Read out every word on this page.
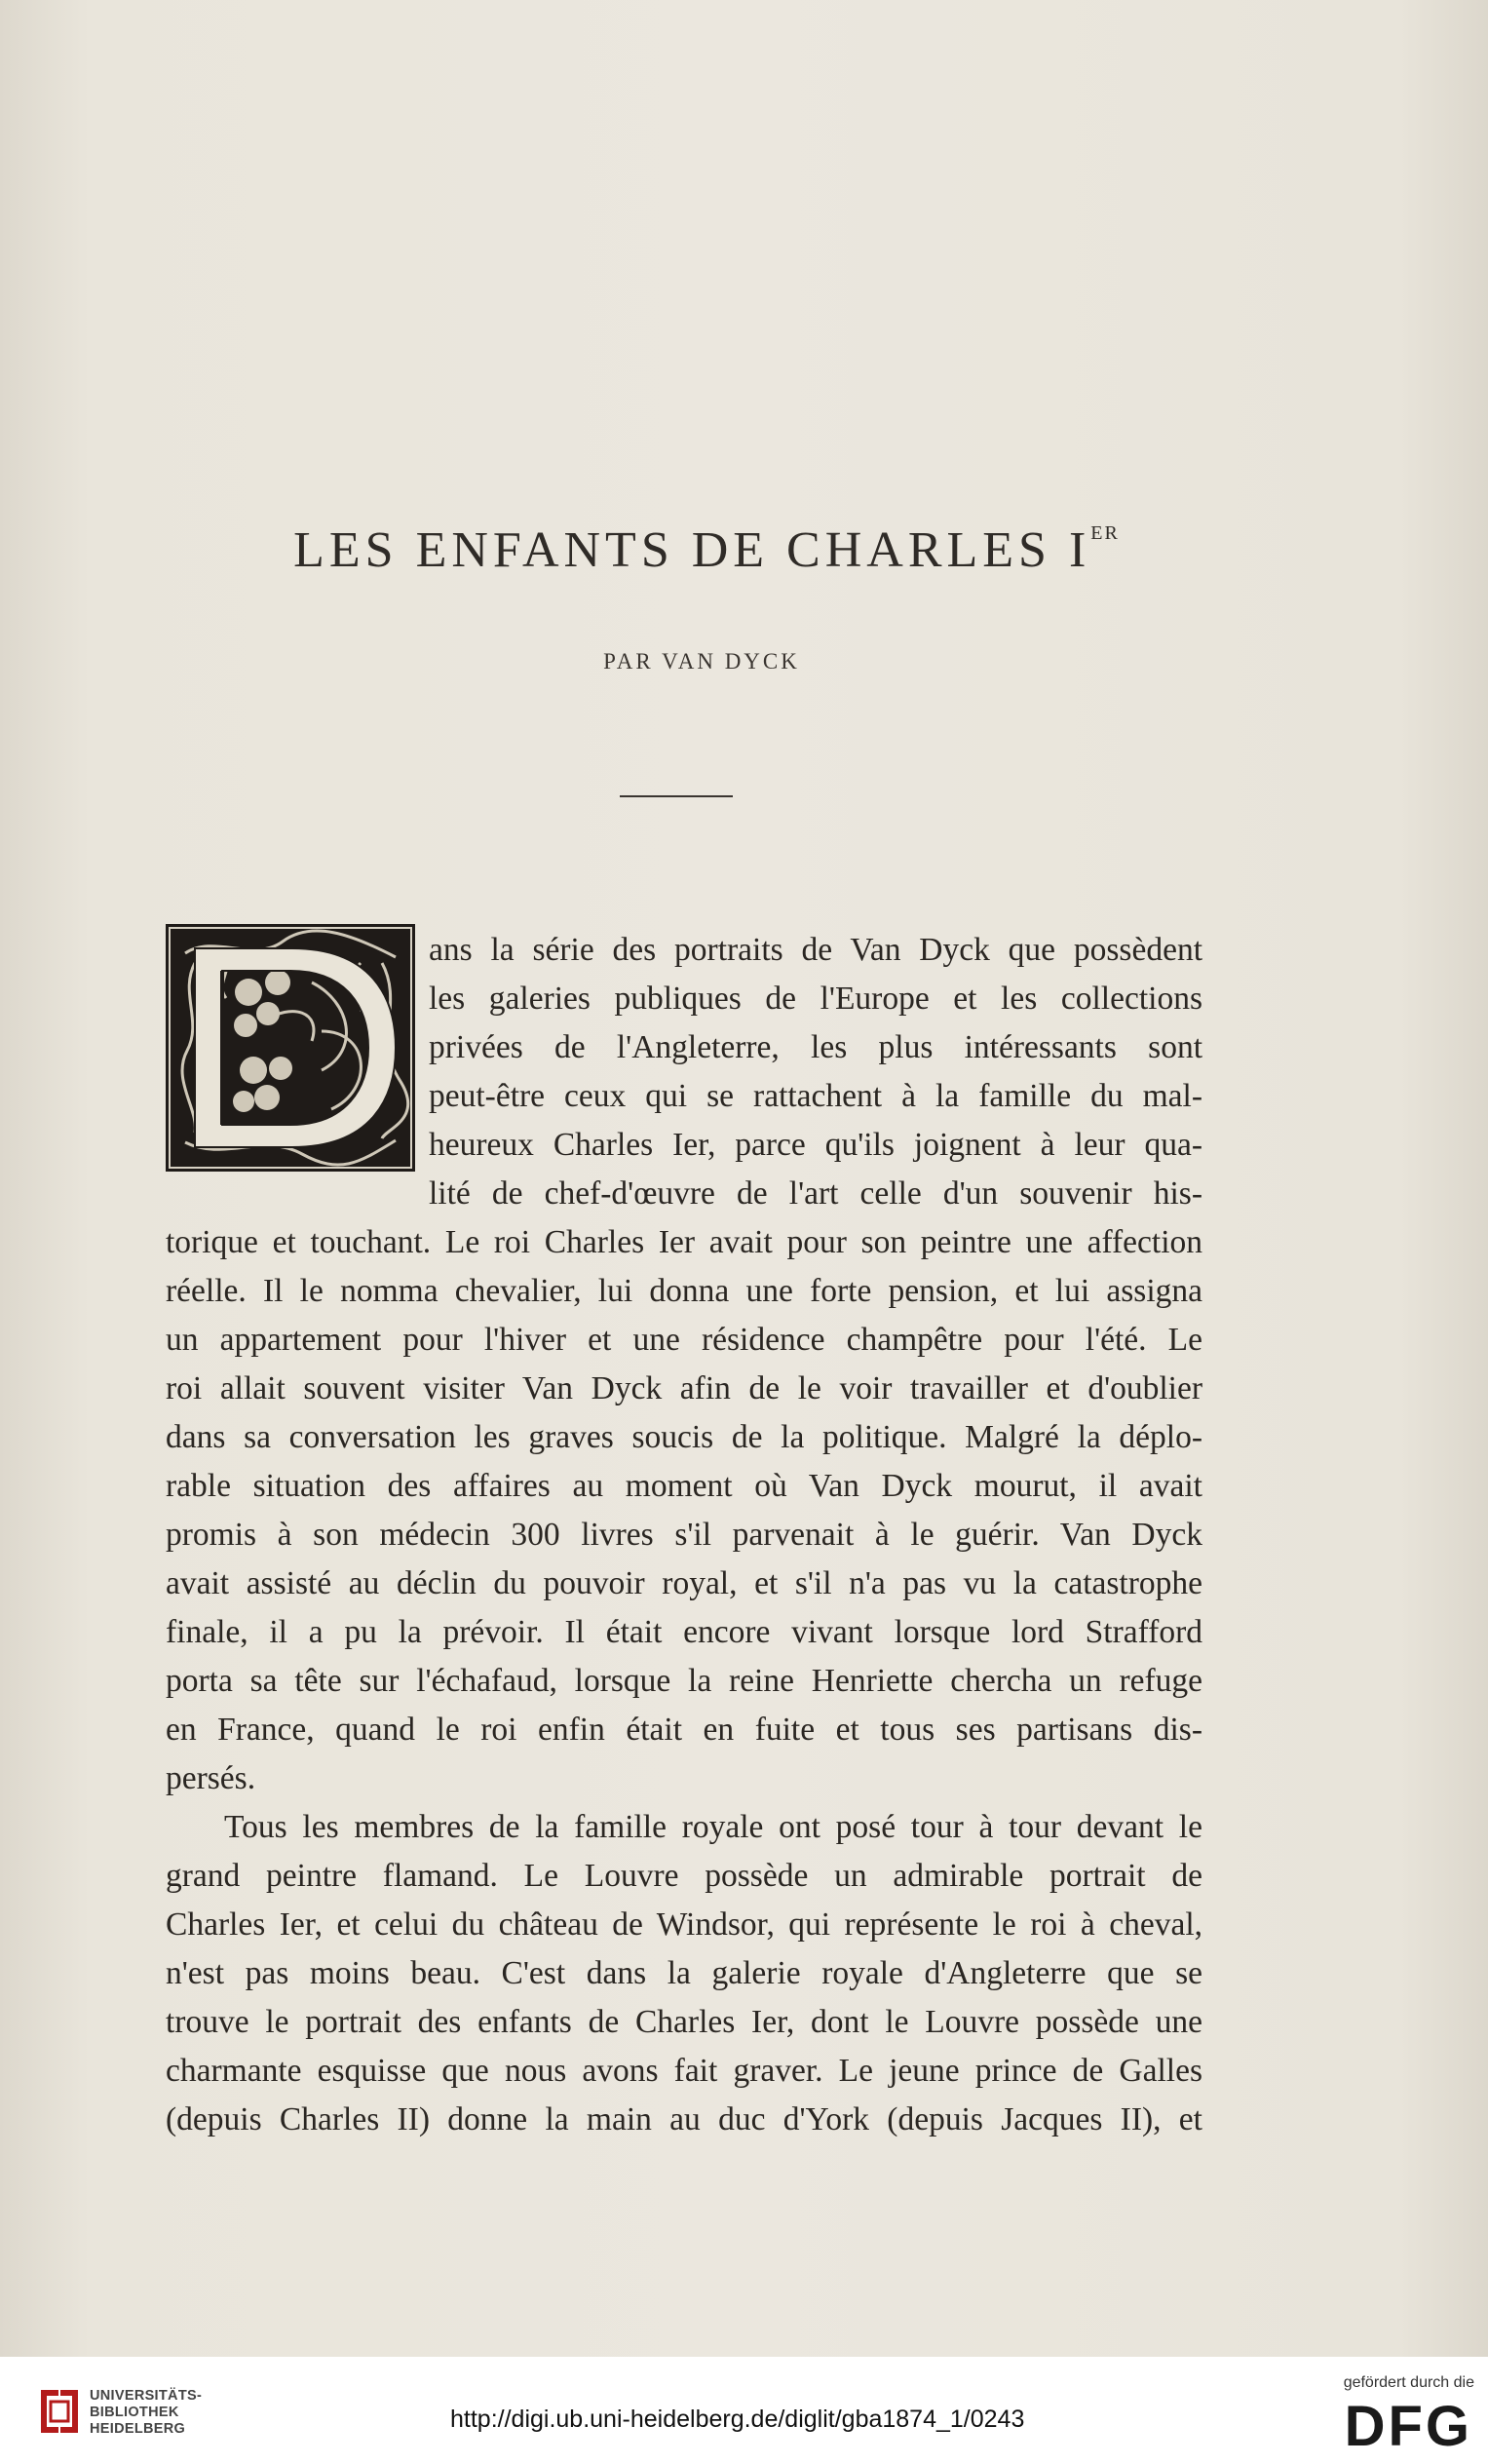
LES ENFANTS DE CHARLES IER
PAR VAN DYCK
D
ans la série des portraits de Van Dyck que possèdent
les galeries publiques de l'Europe et les collections
privées de l'Angleterre, les plus intéressants sont
peut-être ceux qui se rattachent à la famille du mal-
heureux Charles Ier, parce qu'ils joignent à leur qua-
lité de chef-d'œuvre de l'art celle d'un souvenir his-
torique et touchant. Le roi Charles Ier avait pour son peintre une affection
réelle. Il le nomma chevalier, lui donna une forte pension, et lui assigna
un appartement pour l'hiver et une résidence champêtre pour l'été. Le
roi allait souvent visiter Van Dyck afin de le voir travailler et d'oublier
dans sa conversation les graves soucis de la politique. Malgré la déplo-
rable situation des affaires au moment où Van Dyck mourut, il avait
promis à son médecin 300 livres s'il parvenait à le guérir. Van Dyck
avait assisté au déclin du pouvoir royal, et s'il n'a pas vu la catastrophe
finale, il a pu la prévoir. Il était encore vivant lorsque lord Strafford
porta sa tête sur l'échafaud, lorsque la reine Henriette chercha un refuge
en France, quand le roi enfin était en fuite et tous ses partisans dis-
persés.
Tous les membres de la famille royale ont posé tour à tour devant le
grand peintre flamand. Le Louvre possède un admirable portrait de
Charles Ier, et celui du château de Windsor, qui représente le roi à cheval,
n'est pas moins beau. C'est dans la galerie royale d'Angleterre que se
trouve le portrait des enfants de Charles Ier, dont le Louvre possède une
charmante esquisse que nous avons fait graver. Le jeune prince de Galles
(depuis Charles II) donne la main au duc d'York (depuis Jacques II), et
UNIVERSITÄTS-
BIBLIOTHEK
HEIDELBERG	http://digi.ub.uni-heidelberg.de/diglit/gba1874_1/0243
gefördert durch die
DFG
